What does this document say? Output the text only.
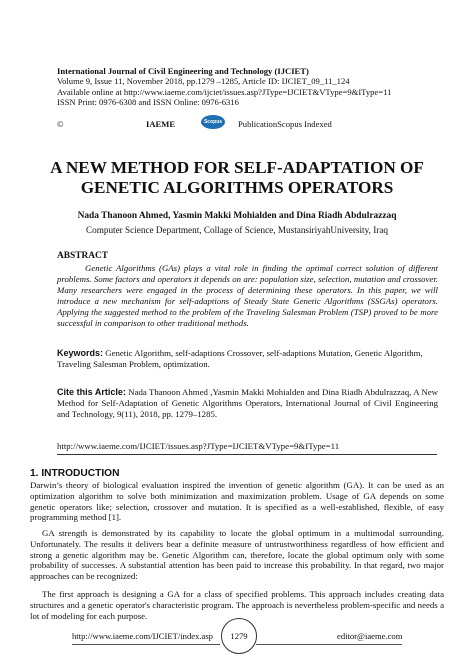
International Journal of Civil Engineering and Technology (IJCIET)
Volume 9, Issue 11, November 2018, pp.1279 –1285, Article ID: IJCIET_09_11_124
Available online at http://www.iaeme.com/ijciet/issues.asp?JType=IJCIET&VType=9&IType=11
ISSN Print: 0976-6308 and ISSN Online: 0976-6316
©	IAEME	Scopus	PublicationScopus Indexed
A NEW METHOD FOR SELF-ADAPTATION OF GENETIC ALGORITHMS OPERATORS
Nada Thanoon Ahmed, Yasmin Makki Mohialden and Dina Riadh Abdulrazzaq
Computer Science Department, Collage of Science, MustansiriyahUniversity, Iraq
ABSTRACT
Genetic Algorithms (GAs) plays a vital role in finding the optimal correct solution of different problems. Some factors and operators it depends on are: population size, selection, mutation and crossover. Many researchers were engaged in the process of determining these operators. In this paper, we will introduce a new mechanism for self-adaptions of Steady State Genetic Algorithms (SSGAs) operators. Applying the suggested method to the problem of the Traveling Salesman Problem (TSP) proved to be more successful in comparison to other traditional methods.
Keywords: Genetic Algorithm, self-adaptions Crossover, self-adaptions Mutation, Genetic Algorithm, Traveling Salesman Problem, optimization.
Cite this Article: Nada Thanoon Ahmed ,Yasmin Makki Mohialden and Dina Riadh Abdulrazzaq, A New Method for Self-Adaptation of Genetic Algorithms Operators, International Journal of Civil Engineering and Technology, 9(11), 2018, pp. 1279–1285.
http://www.iaeme.com/IJCIET/issues.asp?JType=IJCIET&VType=9&IType=11
1. INTRODUCTION
Darwin’s theory of biological evaluation inspired the invention of genetic algorithm (GA). It can be used as an optimization algorithm to solve both minimization and maximization problem. Usage of GA depends on some genetic operators like; selection, crossover and mutation. It is specified as a well-established, flexible, of easy programming method [1].
GA strength is demonstrated by its capability to locate the global optimum in a multimodal surrounding. Unfortunately. The results it delivers bear a definite measure of untrustworthiness regardless of how efficient and strong a genetic algorithm may be. Genetic Algorithm can, therefore, locate the global optimum only with some probability of successes. A substantial attention has been paid to increase this probability. In that regard, two major approaches can be recognized:
The first approach is designing a GA for a class of specified problems. This approach includes creating data structures and a genetic operator's characteristic program. The approach is nevertheless problem-specific and needs a lot of modeling for each purpose.
http://www.iaeme.com/IJCIET/index.asp	1279	editor@iaeme.com
